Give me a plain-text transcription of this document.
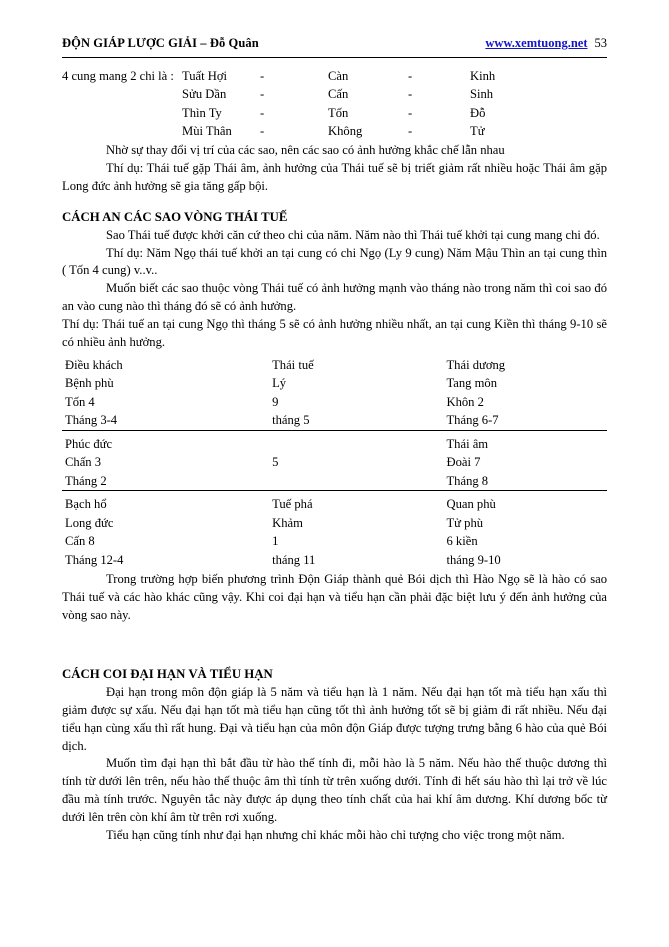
ĐỘN GIÁP LƯỢC GIẢI – Đỗ Quân	www.xemtuong.net 53
4 cung mang 2 chi là : Tuất Hợi	-	Càn	-	Kinh
Sửu Dần	-	Cấn	-	Sinh
Thìn Ty	-	Tốn	-	Đỗ
Mùi Thân	-	Không	-	Tử

Nhờ sự thay đổi vị trí của các sao, nên các sao có ảnh hưởng khắc chế lẫn nhau

Thí dụ: Thái tuế gặp Thái âm, ảnh hưởng của Thái tuế sẽ bị triết giảm rất nhiều hoặc Thái âm gặp Long đức ảnh hưởng sẽ gia tăng gấp bội.

CÁCH AN CÁC SAO VÒNG THÁI TUẾ

Sao Thái tuế được khởi căn cứ theo chi của năm. Năm nào thì Thái tuế khởi tại cung mang chi đó.

Thí dụ: Năm Ngọ thái tuế khởi an tại cung có chi Ngọ (Ly 9 cung) Năm Mậu Thìn an tại cung thìn ( Tốn 4 cung) v..v..

Muốn biết các sao thuộc vòng Thái tuế có ảnh hưởng mạnh vào tháng nào trong năm thì coi sao đó an vào cung nào thì tháng đó sẽ có ảnh hưởng.

Thí dụ: Thái tuế an tại cung Ngọ thì tháng 5 sẽ có ảnh hưởng nhiều nhất, an tại cung Kiền thì tháng 9-10 sẽ có nhiều ảnh hưởng.

Điều khách	Thái tuế	Thái dương
Bệnh phù	Lý	Tang môn
Tốn 4	9	Khôn 2
Tháng 3-4	tháng 5	Tháng 6-7
Phúc đức		Thái âm
Chấn 3	5	Đoài 7
Tháng 2		Tháng 8
Bạch hổ	Tuế phá	Quan phù
Long đức	Khảm	Tử phù
Cấn 8	1	6 kiền
Tháng 12-4	tháng 11	tháng 9-10

Trong trường hợp biến phương trình Độn Giáp thành quẻ Bói dịch thì Hào Ngọ sẽ là hào có sao Thái tuế và các hào khác cũng vậy. Khi coi đại hạn và tiểu hạn cần phải đặc biệt lưu ý đến ảnh hưởng của vòng sao này.

CÁCH COI ĐẠI HẠN VÀ TIỂU HẠN

Đại hạn trong môn độn giáp là 5 năm và tiểu hạn là 1 năm. Nếu đại hạn tốt mà tiểu hạn xấu thì giảm được sự xấu. Nếu đại hạn tốt mà tiểu hạn cũng tốt thì ảnh hưởng tốt sẽ bị giảm đi rất nhiều. Nếu đại tiểu hạn cùng xấu thì rất hung. Đại và tiểu hạn của môn độn Giáp được tượng trưng bằng 6 hào của quẻ Bói dịch.

Muốn tìm đại hạn thì bắt đầu từ hào thế tính đi, mỗi hào là 5 năm. Nếu hào thế thuộc dương thì tính từ dưới lên trên, nếu hào thế thuộc âm thì tính từ trên xuống dưới. Tính đi hết sáu hào thì lại trở về lúc đầu mà tính trước. Nguyên tắc này được áp dụng theo tính chất của hai khí âm dương. Khí dương bốc từ dưới lên trên còn khí âm từ trên rơi xuống.

Tiểu hạn cũng tính như đại hạn nhưng chỉ khác mỗi hào chỉ tượng cho việc trong một năm.
